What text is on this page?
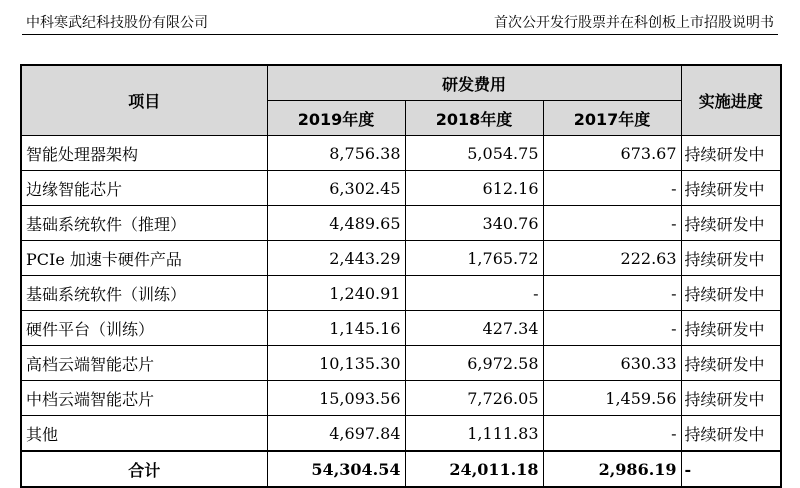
中科寒武纪科技股份有限公司	首次公开发行股票并在科创板上市招股说明书
项目	研发费用			实施进度
	2019年度	2018年度	2017年度	
智能处理器架构	8,756.38	5,054.75	673.67	持续研发中
边缘智能芯片	6,302.45	612.16	-	持续研发中
基础系统软件（推理）	4,489.65	340.76	-	持续研发中
PCIe 加速卡硬件产品	2,443.29	1,765.72	222.63	持续研发中
基础系统软件（训练）	1,240.91	-	-	持续研发中
硬件平台（训练）	1,145.16	427.34	-	持续研发中
高档云端智能芯片	10,135.30	6,972.58	630.33	持续研发中
中档云端智能芯片	15,093.56	7,726.05	1,459.56	持续研发中
其他	4,697.84	1,111.83	-	持续研发中
合计	54,304.54	24,011.18	2,986.19	-
